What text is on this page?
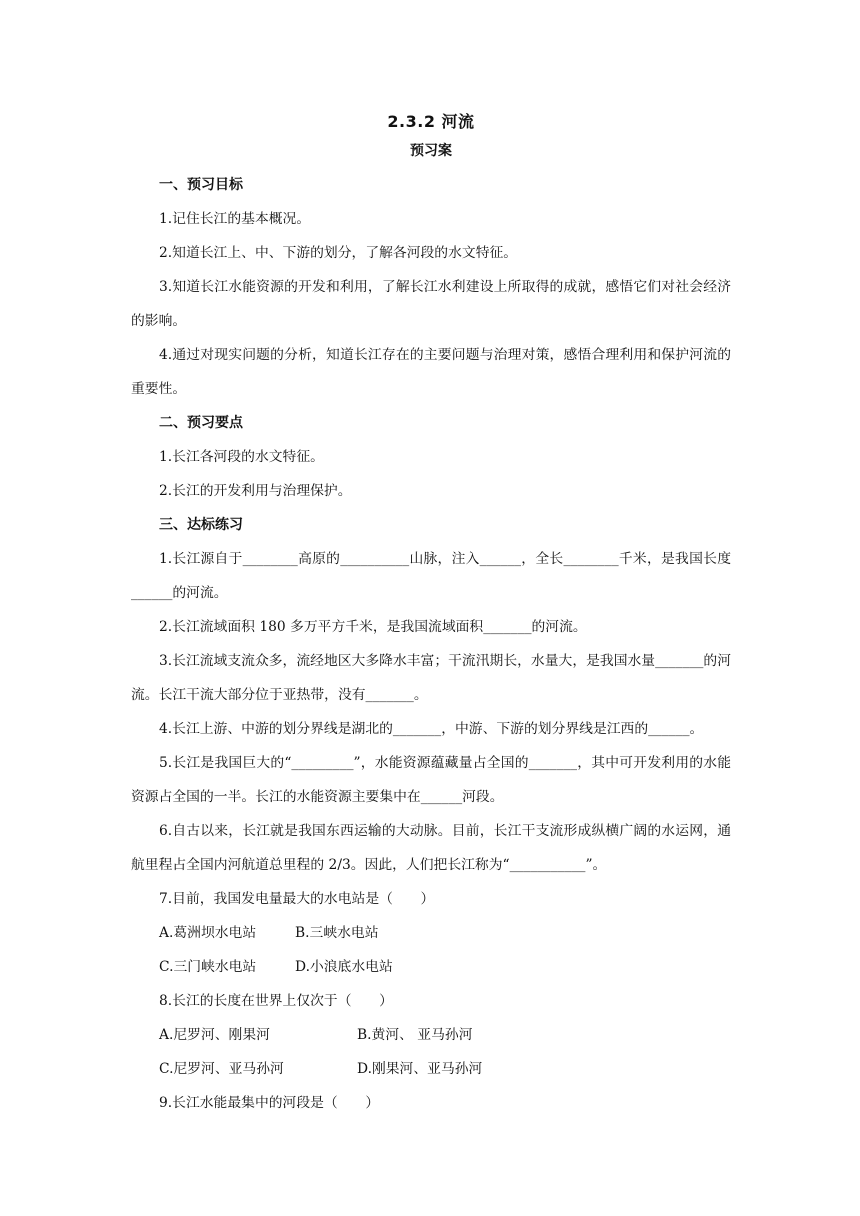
2.3.2 河流
预习案

一、预习目标

1.记住长江的基本概况。

2.知道长江上、中、下游的划分，了解各河段的水文特征。

3.知道长江水能资源的开发和利用，了解长江水利建设上所取得的成就，感悟它们对社会经济的影响。

4.通过对现实问题的分析，知道长江存在的主要问题与治理对策，感悟合理利用和保护河流的重要性。

二、预习要点

1.长江各河段的水文特征。

2.长江的开发利用与治理保护。

三、达标练习

1.长江源自于________高原的__________山脉，注入______，全长________千米，是我国长度______的河流。

2.长江流域面积 180 多万平方千米，是我国流域面积_______的河流。

3.长江流域支流众多，流经地区大多降水丰富；干流汛期长，水量大，是我国水量_______的河流。长江干流大部分位于亚热带，没有_______。

4.长江上游、中游的划分界线是湖北的_______，中游、下游的划分界线是江西的______。

5.长江是我国巨大的“_________”，水能资源蕴藏量占全国的_______，其中可开发利用的水能资源占全国的一半。长江的水能资源主要集中在______河段。

6.自古以来，长江就是我国东西运输的大动脉。目前，长江干支流形成纵横广阔的水运网，通航里程占全国内河航道总里程的 2/3。因此，人们把长江称为“___________”。

7.目前，我国发电量最大的水电站是（　　）

A.葛洲坝水电站	B.三峡水电站
C.三门峡水电站	D.小浪底水电站

8.长江的长度在世界上仅次于（　　）

A.尼罗河、刚果河	B.黄河、 亚马孙河
C.尼罗河、亚马孙河	D.刚果河、亚马孙河

9.长江水能最集中的河段是（　　）
